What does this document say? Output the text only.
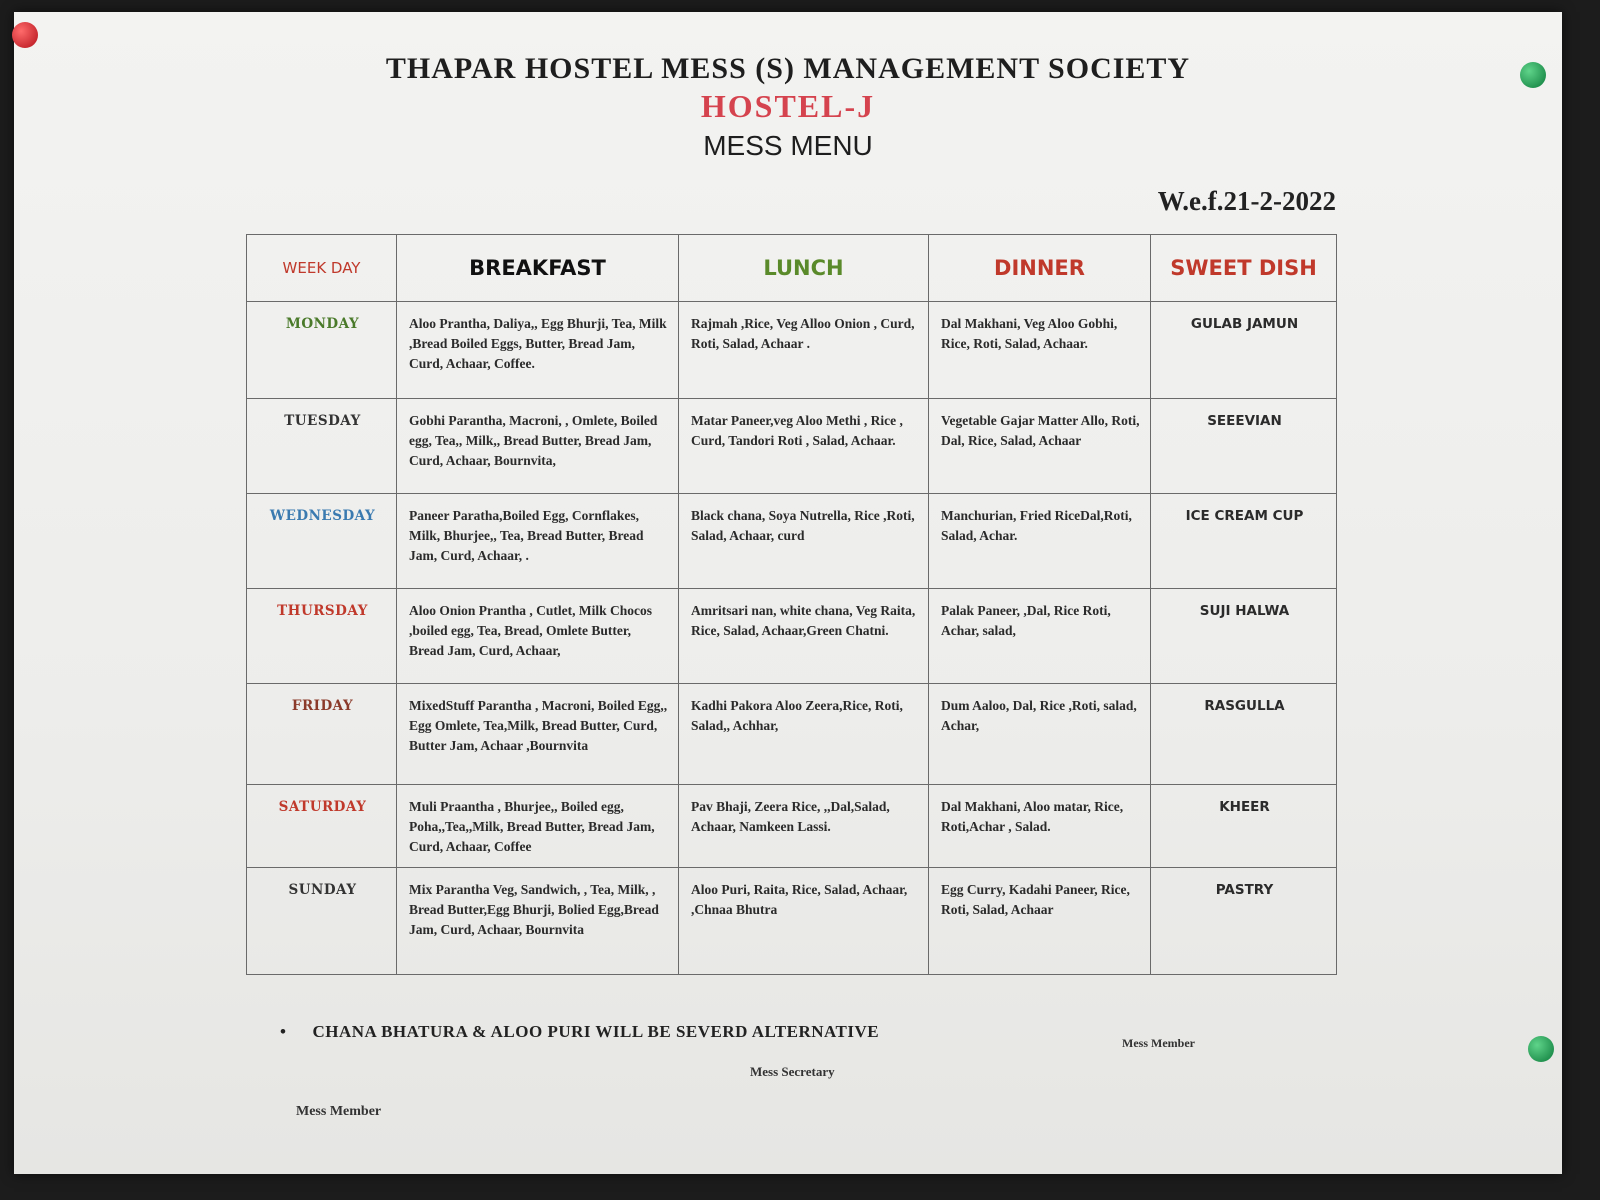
THAPAR HOSTEL MESS (S) MANAGEMENT SOCIETY
HOSTEL-J
MESS MENU
W.e.f.21-2-2022
WEEK DAY	BREAKFAST	LUNCH	DINNER	SWEET DISH
MONDAY	Aloo Prantha, Daliya,, Egg Bhurji, Tea, Milk ,Bread Boiled Eggs, Butter, Bread Jam, Curd, Achaar, Coffee.	Rajmah ,Rice, Veg Alloo Onion , Curd, Roti, Salad, Achaar .	Dal Makhani, Veg Aloo Gobhi, Rice, Roti, Salad, Achaar.	GULAB JAMUN
TUESDAY	Gobhi Parantha, Macroni, , Omlete, Boiled egg, Tea,, Milk,, Bread Butter, Bread Jam, Curd, Achaar, Bournvita,	Matar Paneer,veg Aloo Methi , Rice , Curd, Tandori Roti , Salad, Achaar.	Vegetable Gajar Matter Allo, Roti, Dal, Rice, Salad, Achaar	SEEEVIAN
WEDNESDAY	Paneer Paratha,Boiled Egg, Cornflakes, Milk, Bhurjee,, Tea, Bread Butter, Bread Jam, Curd, Achaar, .	Black chana, Soya Nutrella, Rice ,Roti, Salad, Achaar, curd	Manchurian, Fried RiceDal,Roti, Salad, Achar.	ICE CREAM CUP
THURSDAY	Aloo Onion Prantha , Cutlet, Milk Chocos ,boiled egg, Tea, Bread, Omlete Butter, Bread Jam, Curd, Achaar,	Amritsari nan, white chana, Veg Raita, Rice, Salad, Achaar,Green Chatni.	Palak Paneer, ,Dal, Rice Roti, Achar, salad,	SUJI HALWA
FRIDAY	MixedStuff Parantha , Macroni, Boiled Egg,, Egg Omlete, Tea,Milk, Bread Butter, Curd, Butter Jam, Achaar ,Bournvita	Kadhi Pakora Aloo Zeera,Rice, Roti, Salad,, Achhar,	Dum Aaloo, Dal, Rice ,Roti, salad, Achar,	RASGULLA
SATURDAY	Muli Praantha , Bhurjee,, Boiled egg, Poha,,Tea,,Milk, Bread Butter, Bread Jam, Curd, Achaar, Coffee	Pav Bhaji, Zeera Rice, ,,Dal,Salad, Achaar, Namkeen Lassi.	Dal Makhani, Aloo matar, Rice, Roti,Achar , Salad.	KHEER
SUNDAY	Mix Parantha Veg, Sandwich, , Tea, Milk, , Bread Butter,Egg Bhurji, Bolied Egg,Bread Jam, Curd, Achaar, Bournvita	Aloo Puri, Raita, Rice, Salad, Achaar, ,Chnaa Bhutra	Egg Curry, Kadahi Paneer, Rice, Roti, Salad, Achaar	PASTRY
• CHANA BHATURA & ALOO PURI WILL BE SEVERD ALTERNATIVE
Mess Secretary
Mess Member
Mess Member
